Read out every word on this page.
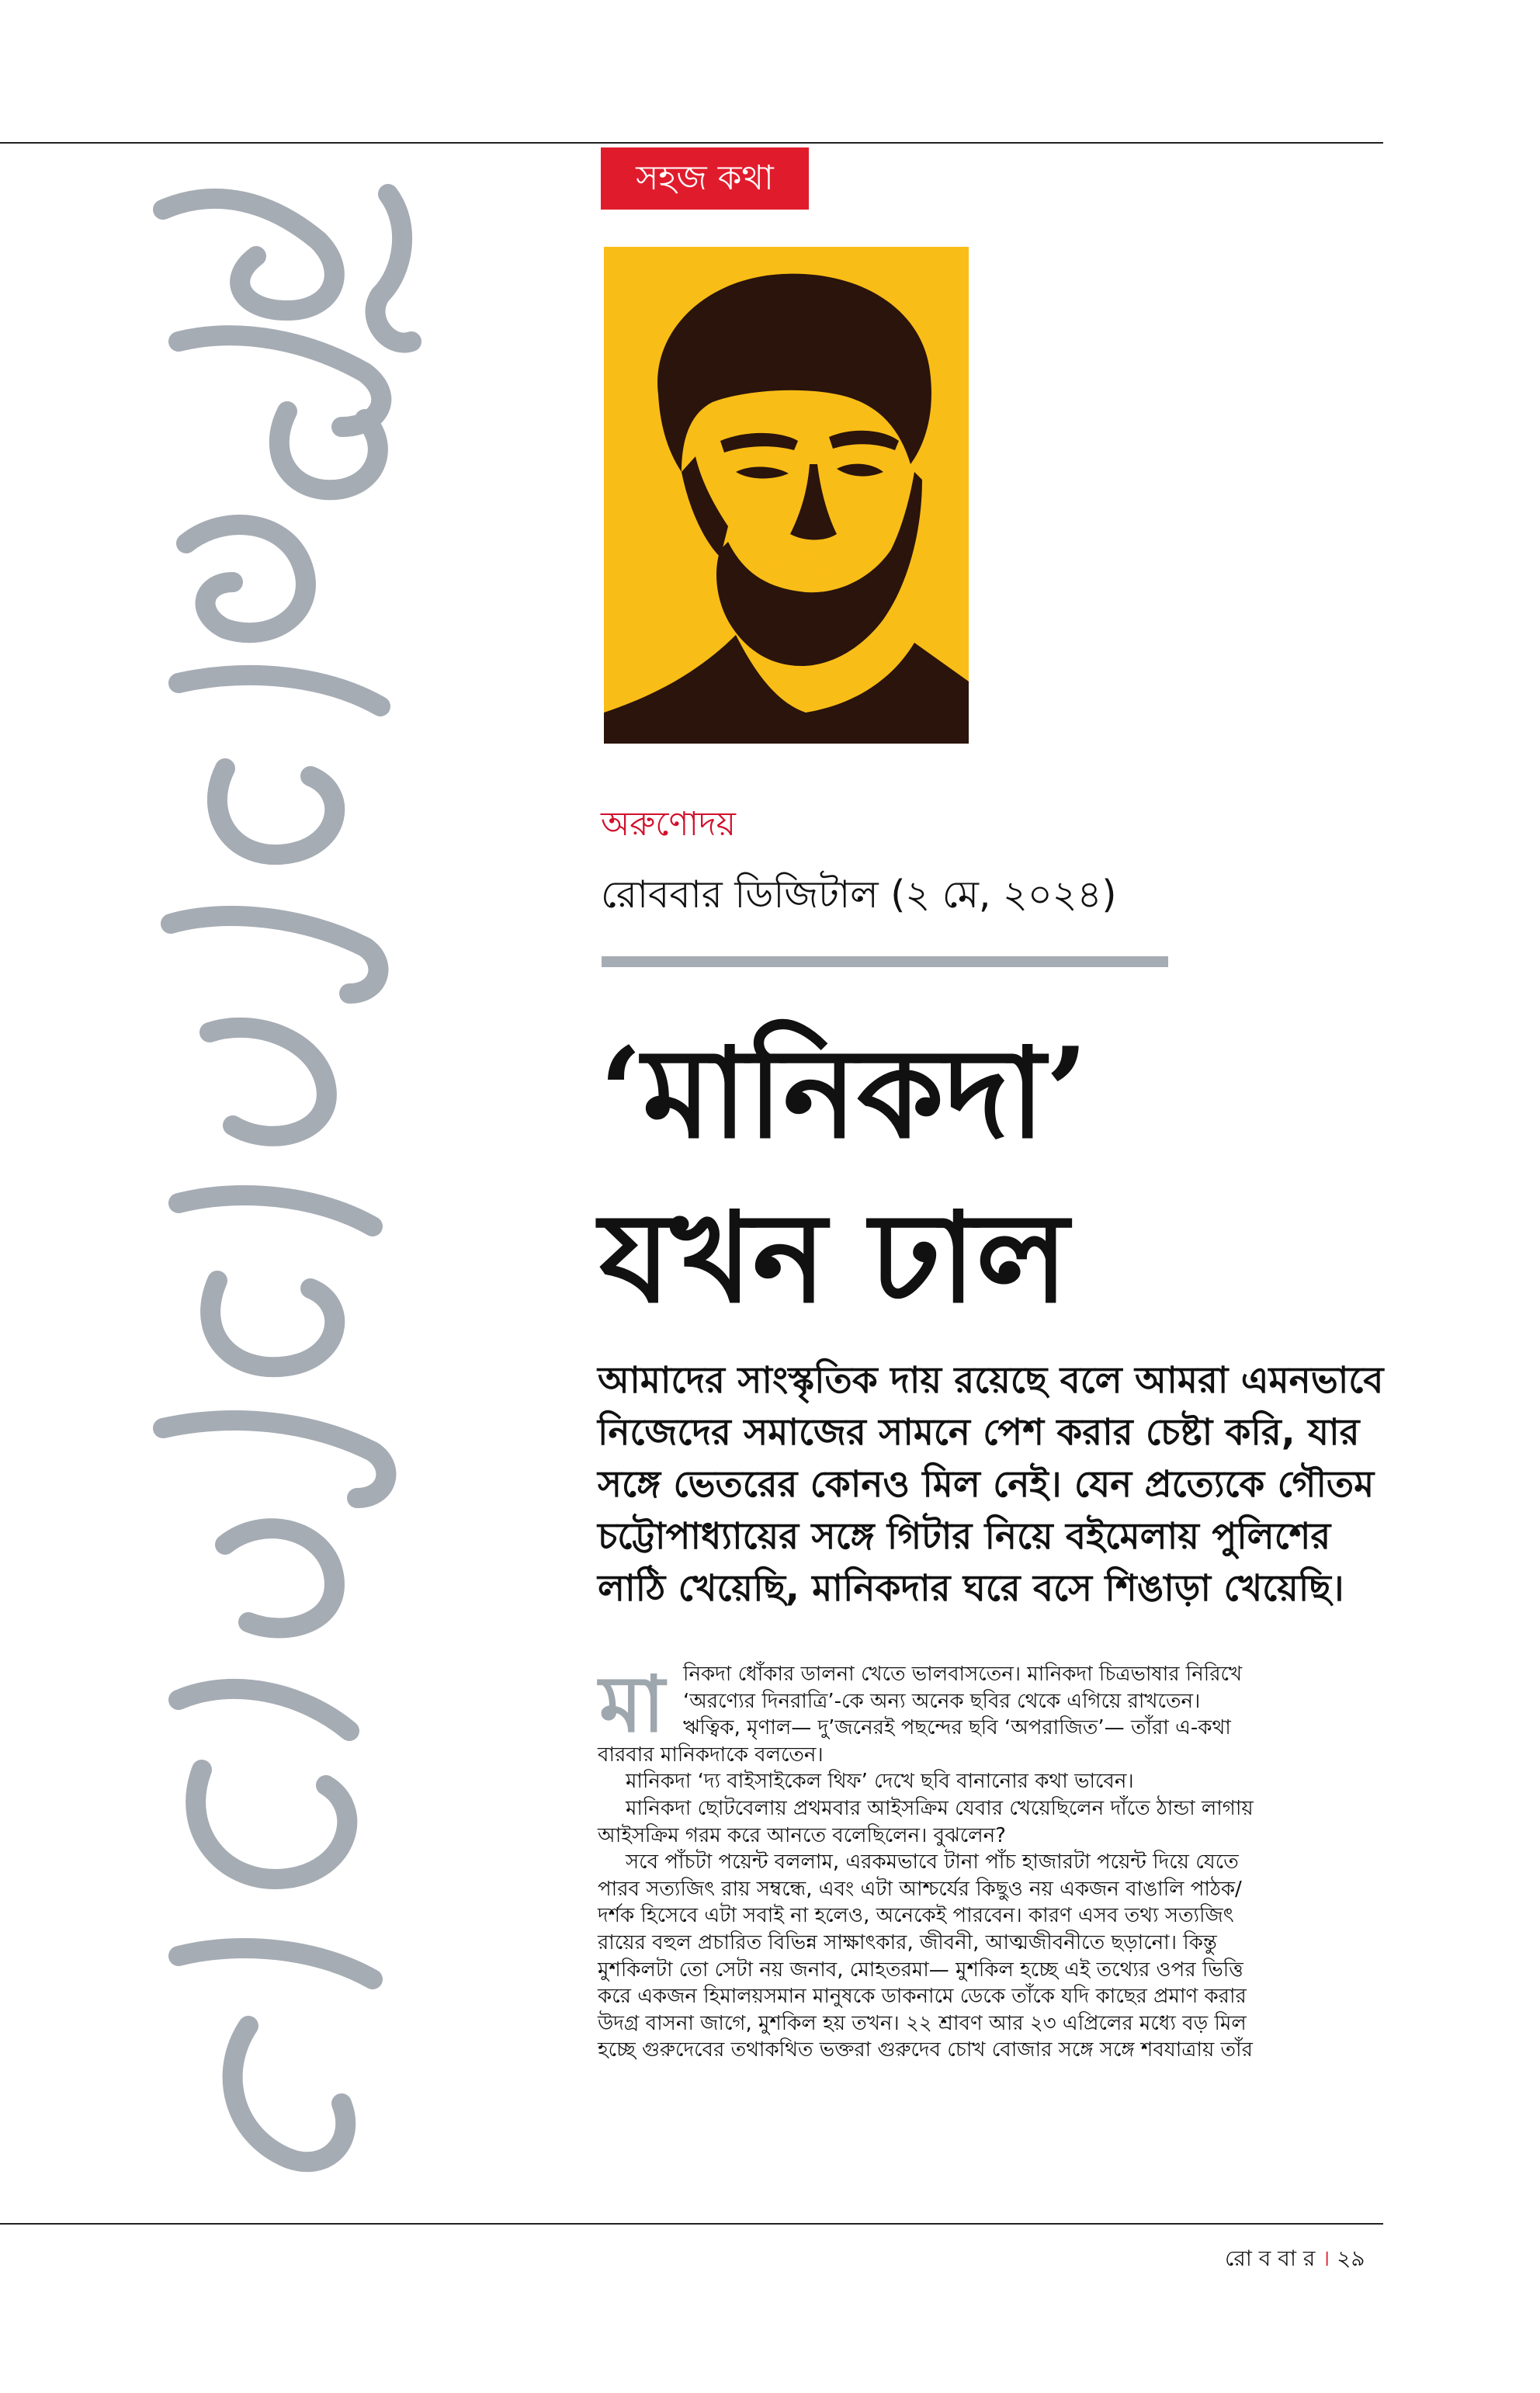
সহজ কথা
অরুণোদয়
রোববার ডিজিটাল (২ মে, ২০২৪)
‘মানিকদা’
যখন ঢাল
আমাদের সাংস্কৃতিক দায় রয়েছে বলে আমরা এমনভাবে
নিজেদের সমাজের সামনে পেশ করার চেষ্টা করি, যার
সঙ্গে ভেতরের কোনও মিল নেই। যেন প্রত্যেকে গৌতম
চট্টোপাধ্যায়ের সঙ্গে গিটার নিয়ে বইমেলায় পুলিশের
লাঠি খেয়েছি, মানিকদার ঘরে বসে শিঙাড়া খেয়েছি।
মা নিকদা ধোঁকার ডালনা খেতে ভালবাসতেন। মানিকদা চিত্রভাষার নিরিখে
‘অরণ্যের দিনরাত্রি’-কে অন্য অনেক ছবির থেকে এগিয়ে রাখতেন।
ঋত্বিক, মৃণাল— দু’জনেরই পছন্দের ছবি ‘অপরাজিত’— তাঁরা এ-কথা
বারবার মানিকদাকে বলতেন।
মানিকদা ‘দ্য বাইসাইকেল থিফ’ দেখে ছবি বানানোর কথা ভাবেন।
মানিকদা ছোটবেলায় প্রথমবার আইসক্রিম যেবার খেয়েছিলেন দাঁতে ঠান্ডা লাগায়
আইসক্রিম গরম করে আনতে বলেছিলেন। বুঝলেন?
সবে পাঁচটা পয়েন্ট বললাম, এরকমভাবে টানা পাঁচ হাজারটা পয়েন্ট দিয়ে যেতে
পারব সত্যজিৎ রায় সম্বন্ধে, এবং এটা আশ্চর্যের কিছুও নয় একজন বাঙালি পাঠক/
দর্শক হিসেবে এটা সবাই না হলেও, অনেকেই পারবেন। কারণ এসব তথ্য সত্যজিৎ
রায়ের বহুল প্রচারিত বিভিন্ন সাক্ষাৎকার, জীবনী, আত্মজীবনীতে ছড়ানো। কিন্তু
মুশকিলটা তো সেটা নয় জনাব, মোহতরমা— মুশকিল হচ্ছে এই তথ্যের ওপর ভিত্তি
করে একজন হিমালয়সমান মানুষকে ডাকনামে ডেকে তাঁকে যদি কাছের প্রমাণ করার
উদগ্র বাসনা জাগে, মুশকিল হয় তখন। ২২ শ্রাবণ আর ২৩ এপ্রিলের মধ্যে বড় মিল
হচ্ছে গুরুদেবের তথাকথিত ভক্তরা গুরুদেব চোখ বোজার সঙ্গে সঙ্গে শবযাত্রায় তাঁর
রো ব বা র । ২৯
